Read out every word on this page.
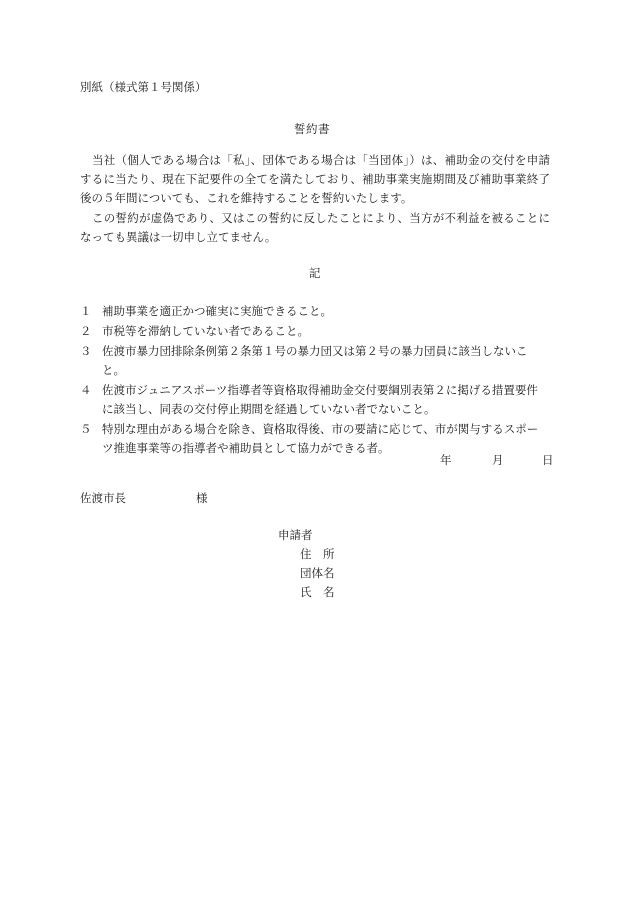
別紙（様式第１号関係）
誓約書
当社（個人である場合は「私」、団体である場合は「当団体」）は、補助金の交付を申請するに当たり、現在下記要件の全てを満たしており、補助事業実施期間及び補助事業終了後の５年間についても、これを維持することを誓約いたします。
この誓約が虚偽であり、又はこの誓約に反したことにより、当方が不利益を被ることになっても異議は一切申し立てません。
記
１ 補助事業を適正かつ確実に実施できること。
２ 市税等を滞納していない者であること。
３ 佐渡市暴力団排除条例第２条第１号の暴力団又は第２号の暴力団員に該当しないこと。
４ 佐渡市ジュニアスポーツ指導者等資格取得補助金交付要綱別表第２に掲げる措置要件に該当し、同表の交付停止期間を経過していない者でないこと。
５ 特別な理由がある場合を除き、資格取得後、市の要請に応じて、市が関与するスポーツ推進事業等の指導者や補助員として協力ができる者。
年	月	日
佐渡市長	様
申請者
住　所
団体名
氏　名
